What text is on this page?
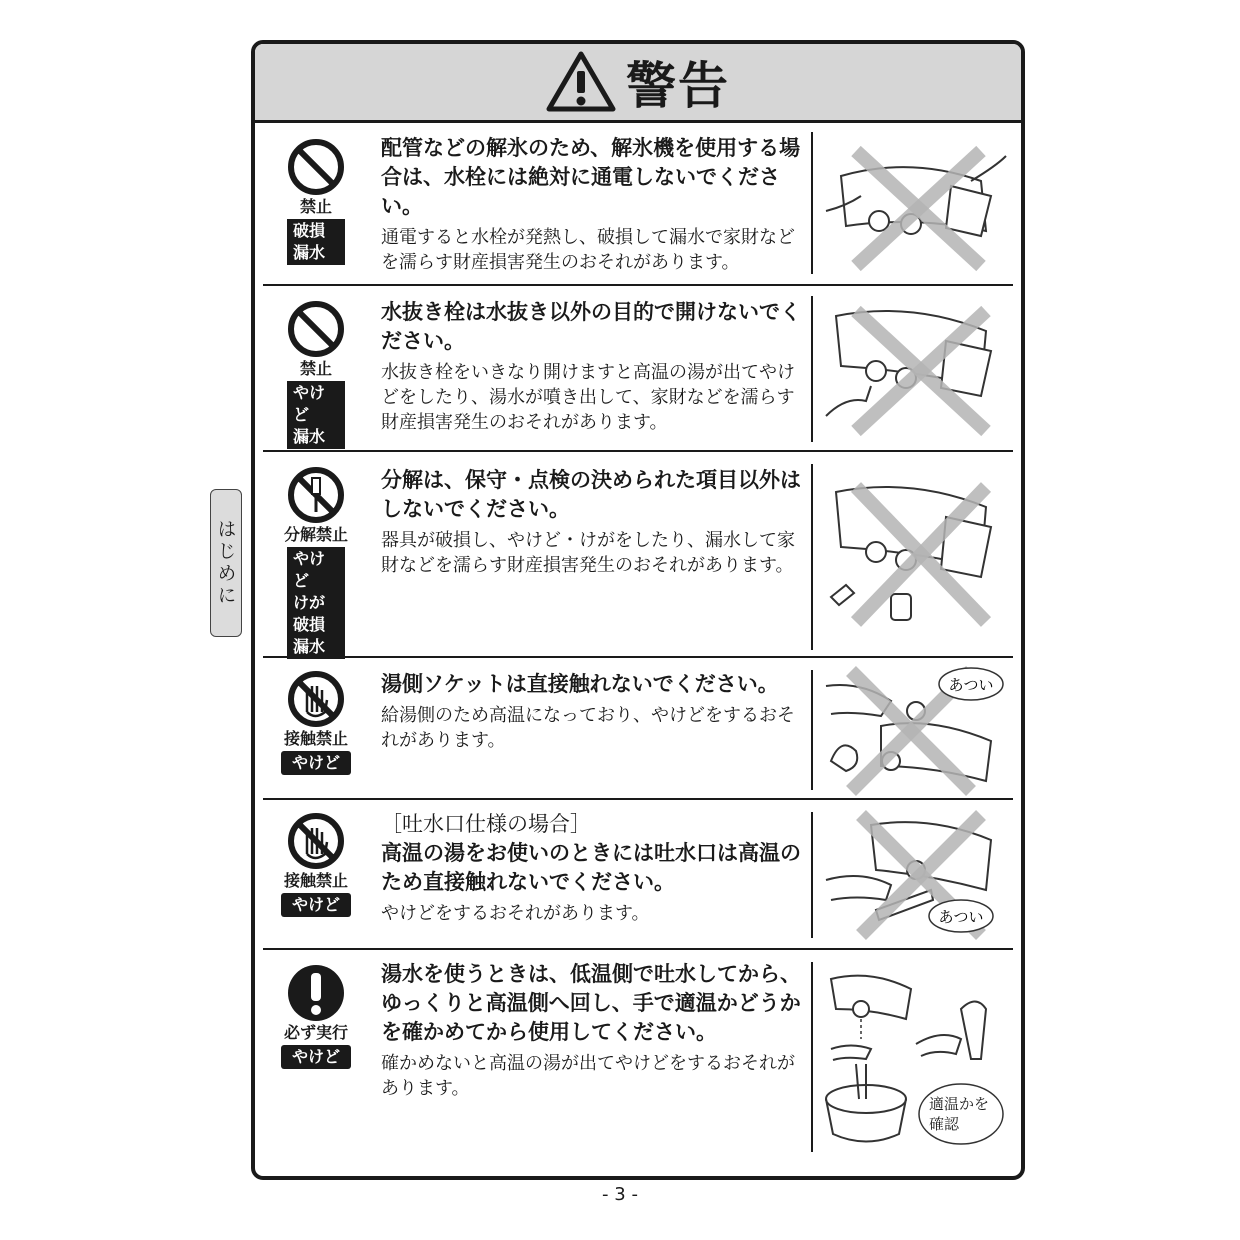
警告
禁止
破損
漏水
配管などの解氷のため、解氷機を使用する場合は、水栓には絶対に通電しないでください。
通電すると水栓が発熱し、破損して漏水で家財などを濡らす財産損害発生のおそれがあります。
禁止
やけど
漏水
水抜き栓は水抜き以外の目的で開けないでください。
水抜き栓をいきなり開けますと高温の湯が出てやけどをしたり、湯水が噴き出して、家財などを濡らす財産損害発生のおそれがあります。
分解禁止
やけど
けが
破損
漏水
分解は、保守・点検の決められた項目以外はしないでください。
器具が破損し、やけど・けがをしたり、漏水して家財などを濡らす財産損害発生のおそれがあります。
接触禁止
やけど
湯側ソケットは直接触れないでください。
給湯側のため高温になっており、やけどをするおそれがあります。
あつい
接触禁止
やけど
［吐水口仕様の場合］
高温の湯をお使いのときには吐水口は高温のため直接触れないでください。
やけどをするおそれがあります。	あつい
必ず実行
やけど
湯水を使うときは、低温側で吐水してから、ゆっくりと高温側へ回し、手で適温かどうかを確かめてから使用してください。
確かめないと高温の湯が出てやけどをするおそれがあります。
適温かを確認
はじめに
- 3 -
